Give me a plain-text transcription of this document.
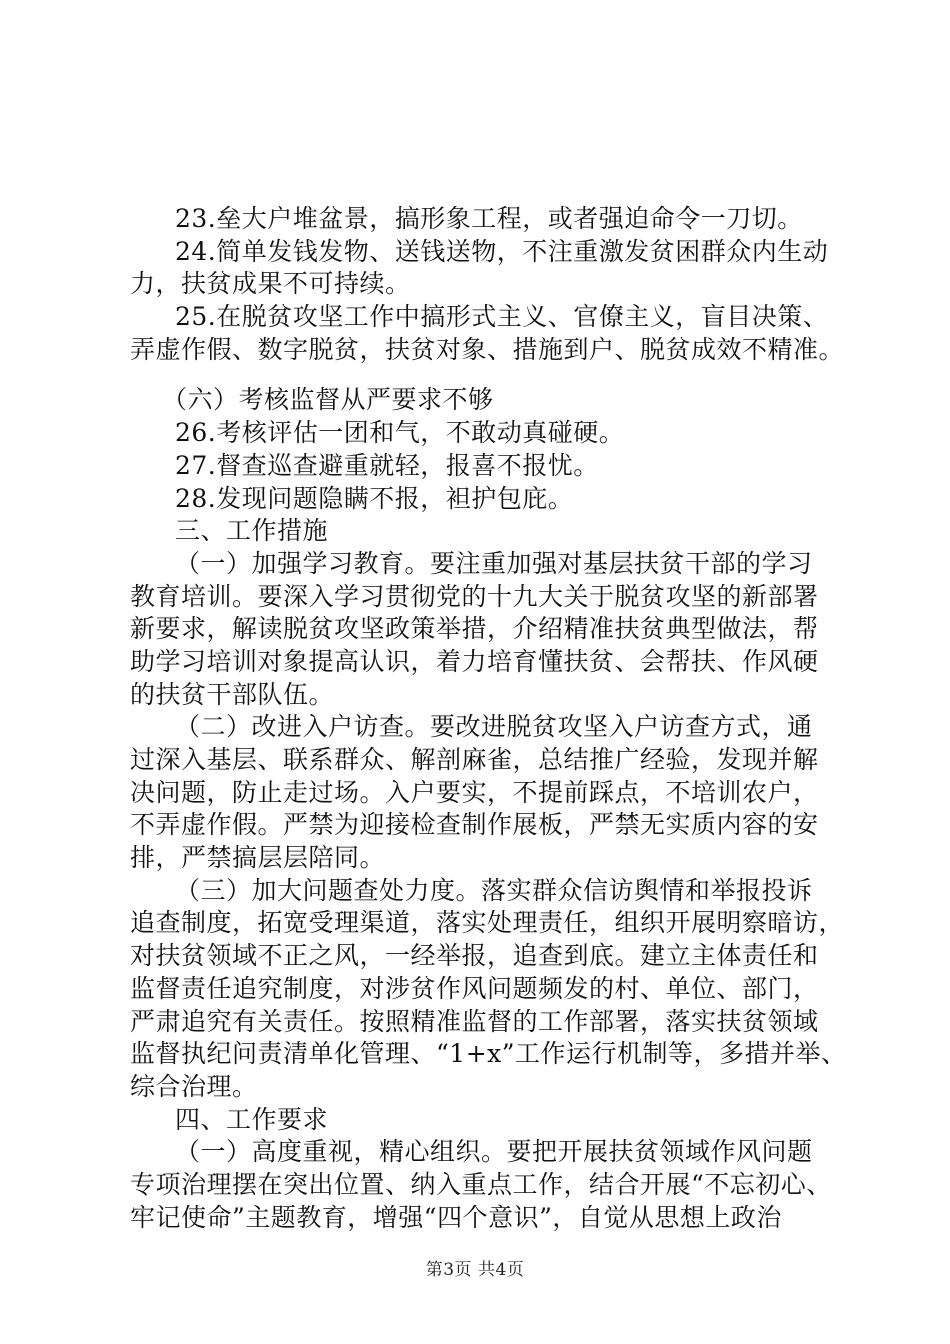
23.垒大户堆盆景，搞形象工程，或者强迫命令一刀切。
24.简单发钱发物、送钱送物，不注重激发贫困群众内生动
力，扶贫成果不可持续。
25.在脱贫攻坚工作中搞形式主义、官僚主义，盲目决策、
弄虚作假、数字脱贫，扶贫对象、措施到户、脱贫成效不精准。
（六）考核监督从严要求不够
26.考核评估一团和气，不敢动真碰硬。
27.督查巡查避重就轻，报喜不报忧。
28.发现问题隐瞒不报，袒护包庇。
三、工作措施
（一）加强学习教育。要注重加强对基层扶贫干部的学习
教育培训。要深入学习贯彻党的十九大关于脱贫攻坚的新部署
新要求，解读脱贫攻坚政策举措，介绍精准扶贫典型做法，帮
助学习培训对象提高认识，着力培育懂扶贫、会帮扶、作风硬
的扶贫干部队伍。
（二）改进入户访查。要改进脱贫攻坚入户访查方式，通
过深入基层、联系群众、解剖麻雀，总结推广经验，发现并解
决问题，防止走过场。入户要实，不提前踩点，不培训农户，
不弄虚作假。严禁为迎接检查制作展板，严禁无实质内容的安
排，严禁搞层层陪同。
（三）加大问题查处力度。落实群众信访舆情和举报投诉
追查制度，拓宽受理渠道，落实处理责任，组织开展明察暗访，
对扶贫领域不正之风，一经举报，追查到底。建立主体责任和
监督责任追究制度，对涉贫作风问题频发的村、单位、部门，
严肃追究有关责任。按照精准监督的工作部署，落实扶贫领域
监督执纪问责清单化管理、“1+x”工作运行机制等，多措并举、
综合治理。
四、工作要求
（一）高度重视，精心组织。要把开展扶贫领域作风问题
专项治理摆在突出位置、纳入重点工作，结合开展“不忘初心、
牢记使命”主题教育，增强“四个意识”，自觉从思想上政治
第3页 共4页
